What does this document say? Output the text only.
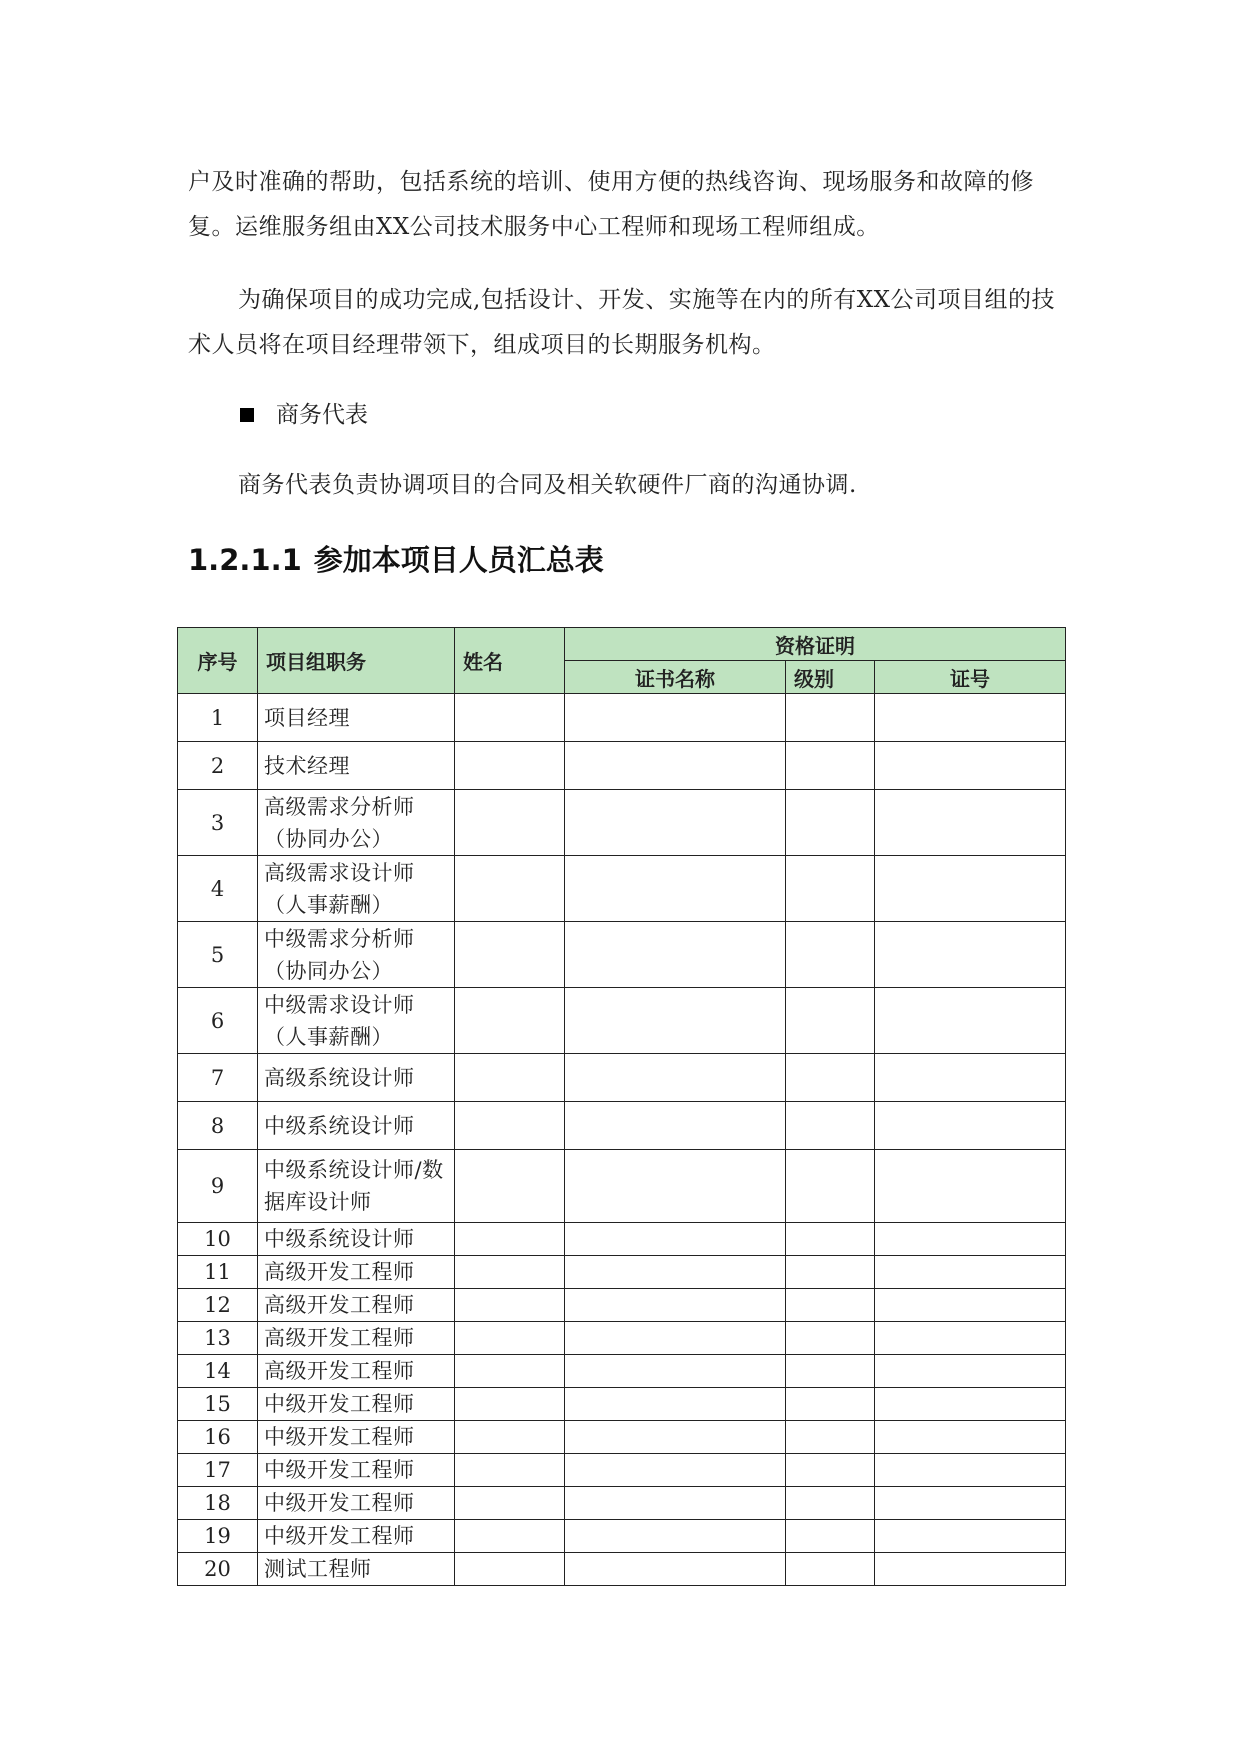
户及时准确的帮助，包括系统的培训、使用方便的热线咨询、现场服务和故障的修复。运维服务组由XX公司技术服务中心工程师和现场工程师组成。

为确保项目的成功完成,包括设计、开发、实施等在内的所有XX公司项目组的技术人员将在项目经理带领下，组成项目的长期服务机构。

商务代表

商务代表负责协调项目的合同及相关软硬件厂商的沟通协调.

1.2.1.1 参加本项目人员汇总表
序号	项目组职务	姓名	资格证明		
			证书名称	级别	证号
1	项目经理				
2	技术经理				
3	高级需求分析师（协同办公）				
4	高级需求设计师（人事薪酬）				
5	中级需求分析师（协同办公）				
6	中级需求设计师（人事薪酬）				
7	高级系统设计师				
8	中级系统设计师				
9	中级系统设计师/数据库设计师				
10	中级系统设计师				
11	高级开发工程师				
12	高级开发工程师				
13	高级开发工程师				
14	高级开发工程师				
15	中级开发工程师				
16	中级开发工程师				
17	中级开发工程师				
18	中级开发工程师				
19	中级开发工程师				
20	测试工程师				
